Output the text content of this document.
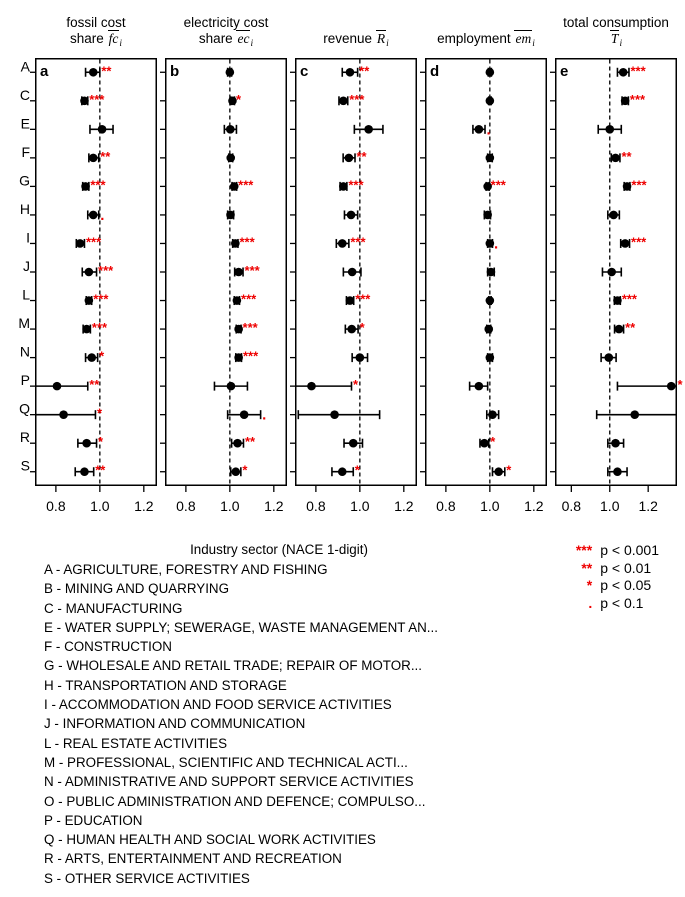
A
C
E
F
G
H
I
J
L
M
N
P
Q
R
S
fossil cost
share $fc_i$
a
0.8 1.0 1.2
**
***
**
***
.
***
***
***
***
*
**
*
*
**
electricity cost
share $ec_i$
b
0.8 1.0 1.2
*
***
***
***
***
***
***
.
**
*

revenue $R_i$
c
0.8 1.0 1.2
**
***
**
***
***
***
*
*
*

employment $em_i$
d
0.8 1.0 1.2
.
***
.
*
*
total consumption
$T_i$
e
0.8 1.0 1.2
***
***
**
***
***
***
**
*
Industry sector (NACE 1-digit)
A - AGRICULTURE, FORESTRY AND FISHING
B - MINING AND QUARRYING
C - MANUFACTURING
E - WATER SUPPLY; SEWERAGE, WASTE MANAGEMENT AN...
F - CONSTRUCTION
G - WHOLESALE AND RETAIL TRADE; REPAIR OF MOTOR...
H - TRANSPORTATION AND STORAGE
I - ACCOMMODATION AND FOOD SERVICE ACTIVITIES
J - INFORMATION AND COMMUNICATION
L - REAL ESTATE ACTIVITIES
M - PROFESSIONAL, SCIENTIFIC AND TECHNICAL ACTI...
N - ADMINISTRATIVE AND SUPPORT SERVICE ACTIVITIES
O - PUBLIC ADMINISTRATION AND DEFENCE; COMPULSO...
P - EDUCATION
Q - HUMAN HEALTH AND SOCIAL WORK ACTIVITIES
R - ARTS, ENTERTAINMENT AND RECREATION
S - OTHER SERVICE ACTIVITIES
*** p < 0.001
** p < 0.01
* p < 0.05
. p < 0.1
